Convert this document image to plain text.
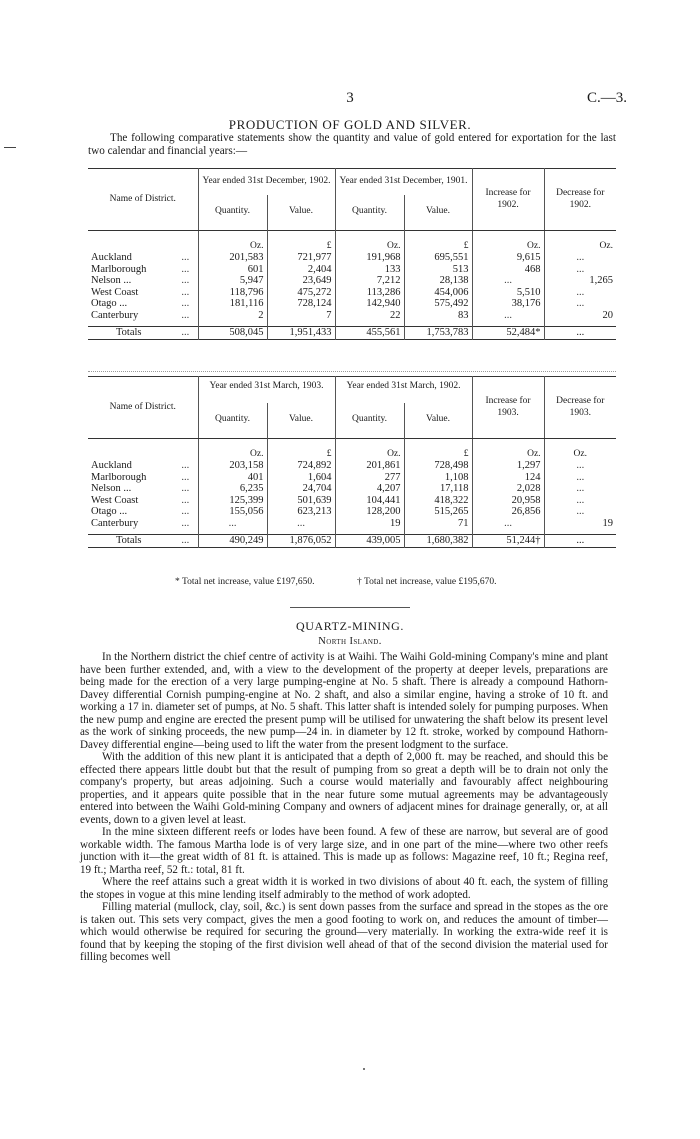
3	C.—3.
PRODUCTION OF GOLD AND SILVER.

The following comparative statements show the quantity and value of gold entered for exportation for the last two calendar and financial years:—

Name of District.		Year ended 31st December, 1902.		Year ended 31st December, 1901.		Increase for 1902.	Decrease for 1902.
		Quantity.	Value.	Quantity.	Value.		

		Oz.	£	Oz.	£	Oz.	Oz.
Auckland	...	201,583	721,977	191,968	695,551	9,615	...
Marlborough	...	601	2,404	133	513	468	...
Nelson ...	...	5,947	23,649	7,212	28,138	...	1,265
West Coast	...	118,796	475,272	113,286	454,006	5,510	...
Otago ...	...	181,116	728,124	142,940	575,492	38,176	...
Canterbury	...	2	7	22	83	...	20

Totals	...	508,045	1,951,433	455,561	1,753,783	52,484*	...
Name of District.		Year ended 31st March, 1903.		Year ended 31st March, 1902.		Increase for 1903.	Decrease for 1903.
		Quantity.	Value.	Quantity.	Value.		

		Oz.	£	Oz.	£	Oz.	Oz.
Auckland	...	203,158	724,892	201,861	728,498	1,297	...
Marlborough	...	401	1,604	277	1,108	124	...
Nelson ...	...	6,235	24,704	4,207	17,118	2,028	...
West Coast	...	125,399	501,639	104,441	418,322	20,958	...
Otago ...	...	155,056	623,213	128,200	515,265	26,856	...
Canterbury	...	...	...	19	71	...	19

Totals	...	490,249	1,876,052	439,005	1,680,382	51,244†	...
* Total net increase, value £197,650.	† Total net increase, value £195,670.
QUARTZ-MINING.
North Island.

In the Northern district the chief centre of activity is at Waihi. The Waihi Gold-mining Company's mine and plant have been further extended, and, with a view to the development of the property at deeper levels, preparations are being made for the erection of a very large pumping-engine at No. 5 shaft. There is already a compound Hathorn-Davey differential Cornish pumping-engine at No. 2 shaft, and also a similar engine, having a stroke of 10 ft. and working a 17 in. diameter set of pumps, at No. 5 shaft. This latter shaft is intended solely for pumping purposes. When the new pump and engine are erected the present pump will be utilised for unwatering the shaft below its present level as the work of sinking proceeds, the new pump—24 in. in diameter by 12 ft. stroke, worked by compound Hathorn-Davey differential engine—being used to lift the water from the present lodgment to the surface.

With the addition of this new plant it is anticipated that a depth of 2,000 ft. may be reached, and should this be effected there appears little doubt but that the result of pumping from so great a depth will be to drain not only the company's property, but areas adjoining. Such a course would materially and favourably affect neighbouring properties, and it appears quite possible that in the near future some mutual agreements may be advantageously entered into between the Waihi Gold-mining Company and owners of adjacent mines for drainage generally, or, at all events, down to a given level at least.

In the mine sixteen different reefs or lodes have been found. A few of these are narrow, but several are of good workable width. The famous Martha lode is of very large size, and in one part of the mine—where two other reefs junction with it—the great width of 81 ft. is attained. This is made up as follows: Magazine reef, 10 ft.; Regina reef, 19 ft.; Martha reef, 52 ft.: total, 81 ft.

Where the reef attains such a great width it is worked in two divisions of about 40 ft. each, the system of filling the stopes in vogue at this mine lending itself admirably to the method of work adopted.

Filling material (mullock, clay, soil, &c.) is sent down passes from the surface and spread in the stopes as the ore is taken out. This sets very compact, gives the men a good footing to work on, and reduces the amount of timber—which would otherwise be required for securing the ground—very materially. In working the extra-wide reef it is found that by keeping the stoping of the first division well ahead of that of the second division the material used for filling becomes well
